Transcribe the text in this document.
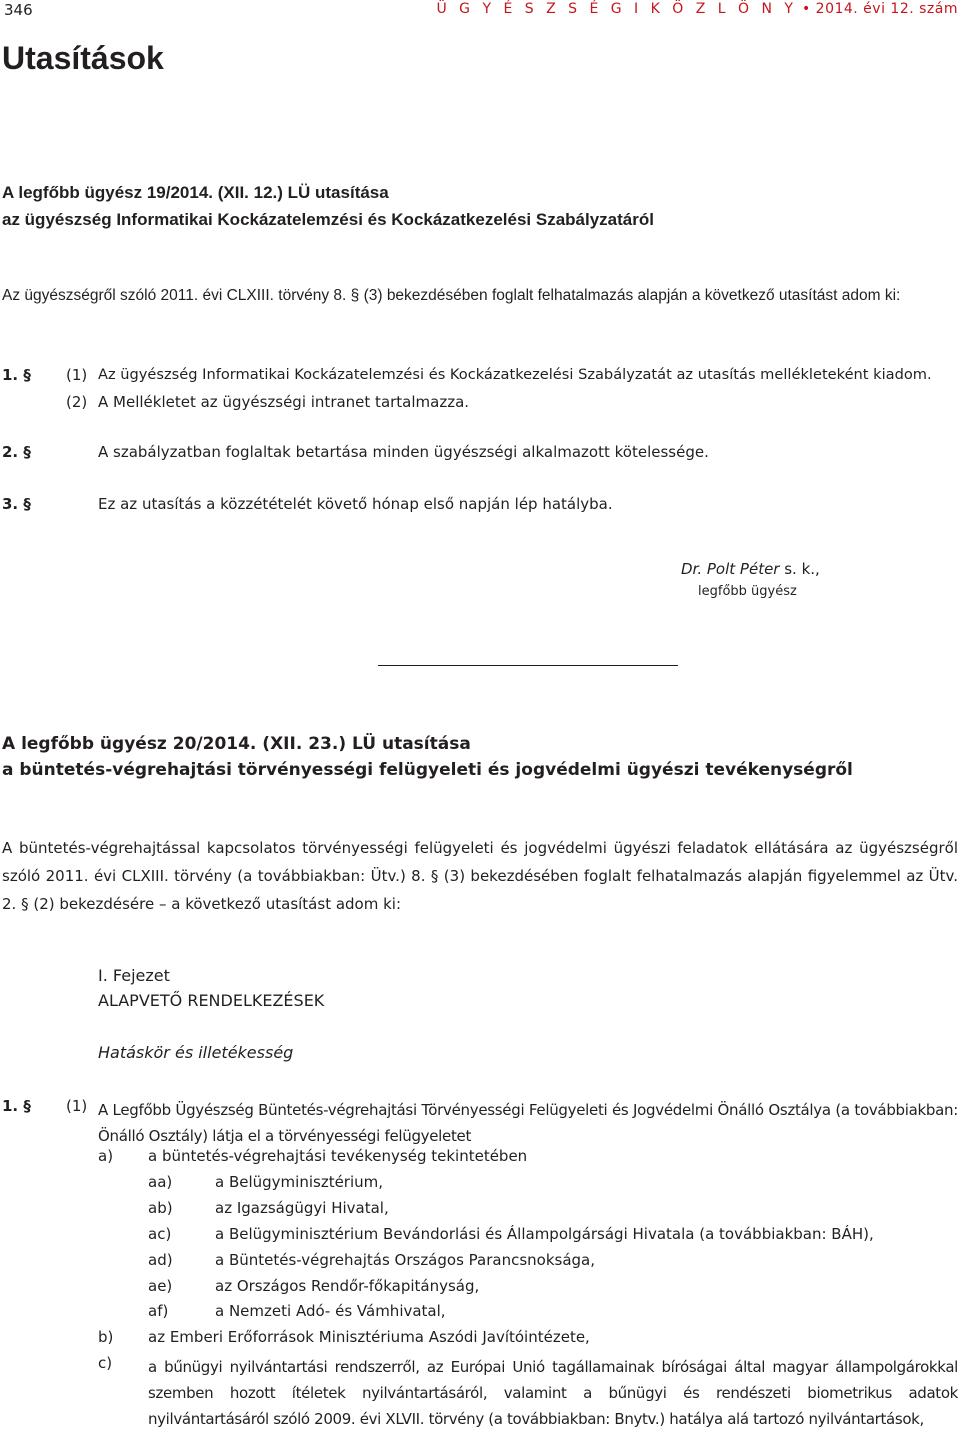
346	Ü G Y É S Z S É G I K Ö Z L Ö N Y • 2014. évi 12. szám
Utasítások
A legfőbb ügyész 19/2014. (XII. 12.) LÜ utasítása
az ügyészség Informatikai Kockázatelemzési és Kockázatkezelési Szabályzatáról
Az ügyészségről szóló 2011. évi CLXIII. törvény 8. § (3) bekezdésében foglalt felhatalmazás alapján a következő utasítást adom ki:
1. § (1) Az ügyészség Informatikai Kockázatelemzési és Kockázatkezelési Szabályzatát az utasítás mellékleteként kiadom.
(2) A Mellékletet az ügyészségi intranet tartalmazza.
2. §	A szabályzatban foglaltak betartása minden ügyészségi alkalmazott kötelessége.
3. §	Ez az utasítás a közzétételét követő hónap első napján lép hatályba.
Dr. Polt Péter s. k.,
legfőbb ügyész
A legfőbb ügyész 20/2014. (XII. 23.) LÜ utasítása
a büntetés-végrehajtási törvényességi felügyeleti és jogvédelmi ügyészi tevékenységről
A büntetés-végrehajtással kapcsolatos törvényességi felügyeleti és jogvédelmi ügyészi feladatok ellátására az ügyészségről szóló 2011. évi CLXIII. törvény (a továbbiakban: Ütv.) 8. § (3) bekezdésében foglalt felhatalmazás alapján figyelemmel az Ütv. 2. § (2) bekezdésére – a következő utasítást adom ki:
I. Fejezet
ALAPVETŐ RENDELKEZÉSEK
Hatáskör és illetékesség
1. § (1) A Legfőbb Ügyészség Büntetés-végrehajtási Törvényességi Felügyeleti és Jogvédelmi Önálló Osztálya (a továbbiakban: Önálló Osztály) látja el a törvényességi felügyeletet
a) a büntetés-végrehajtási tevékenység tekintetében
aa)	a Belügyminisztérium,
ab)	az Igazságügyi Hivatal,
ac)	a Belügyminisztérium Bevándorlási és Állampolgársági Hivatala (a továbbiakban: BÁH),
ad)	a Büntetés-végrehajtás Országos Parancsnoksága,
ae)	az Országos Rendőr-főkapitányság,
af)	a Nemzeti Adó- és Vámhivatal,
b) az Emberi Erőforrások Minisztériuma Aszódi Javítóintézete,
c) a bűnügyi nyilvántartási rendszerről, az Európai Unió tagállamainak bíróságai által magyar állampolgárokkal szemben hozott ítéletek nyilvántartásáról, valamint a bűnügyi és rendészeti biometrikus adatok nyilvántartásáról szóló 2009. évi XLVII. törvény (a továbbiakban: Bnytv.) hatálya alá tartozó nyilvántartások,
